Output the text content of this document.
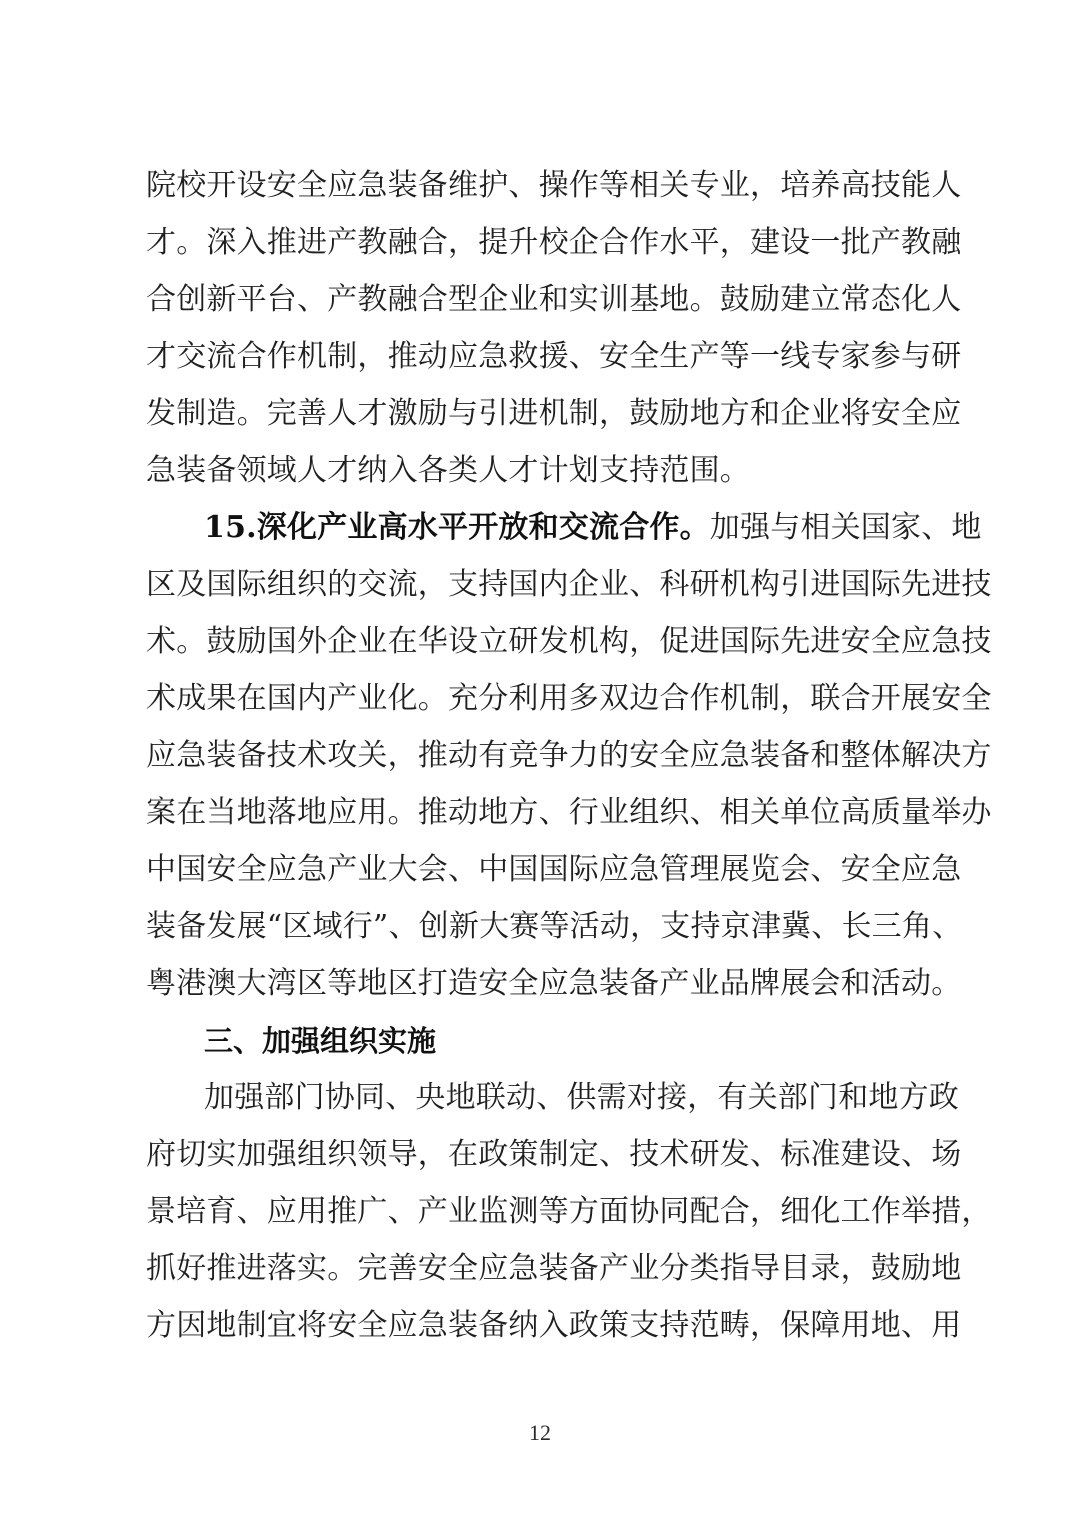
院校开设安全应急装备维护、操作等相关专业，培养高技能人
才。深入推进产教融合，提升校企合作水平，建设一批产教融
合创新平台、产教融合型企业和实训基地。鼓励建立常态化人
才交流合作机制，推动应急救援、安全生产等一线专家参与研
发制造。完善人才激励与引进机制，鼓励地方和企业将安全应
急装备领域人才纳入各类人才计划支持范围。
15.深化产业高水平开放和交流合作。加强与相关国家、地
区及国际组织的交流，支持国内企业、科研机构引进国际先进技
术。鼓励国外企业在华设立研发机构，促进国际先进安全应急技
术成果在国内产业化。充分利用多双边合作机制，联合开展安全
应急装备技术攻关，推动有竞争力的安全应急装备和整体解决方
案在当地落地应用。推动地方、行业组织、相关单位高质量举办
中国安全应急产业大会、中国国际应急管理展览会、安全应急
装备发展“区域行”、创新大赛等活动，支持京津冀、长三角、
粤港澳大湾区等地区打造安全应急装备产业品牌展会和活动。
三、加强组织实施
加强部门协同、央地联动、供需对接，有关部门和地方政
府切实加强组织领导，在政策制定、技术研发、标准建设、场
景培育、应用推广、产业监测等方面协同配合，细化工作举措，
抓好推进落实。完善安全应急装备产业分类指导目录，鼓励地
方因地制宜将安全应急装备纳入政策支持范畴，保障用地、用
12
